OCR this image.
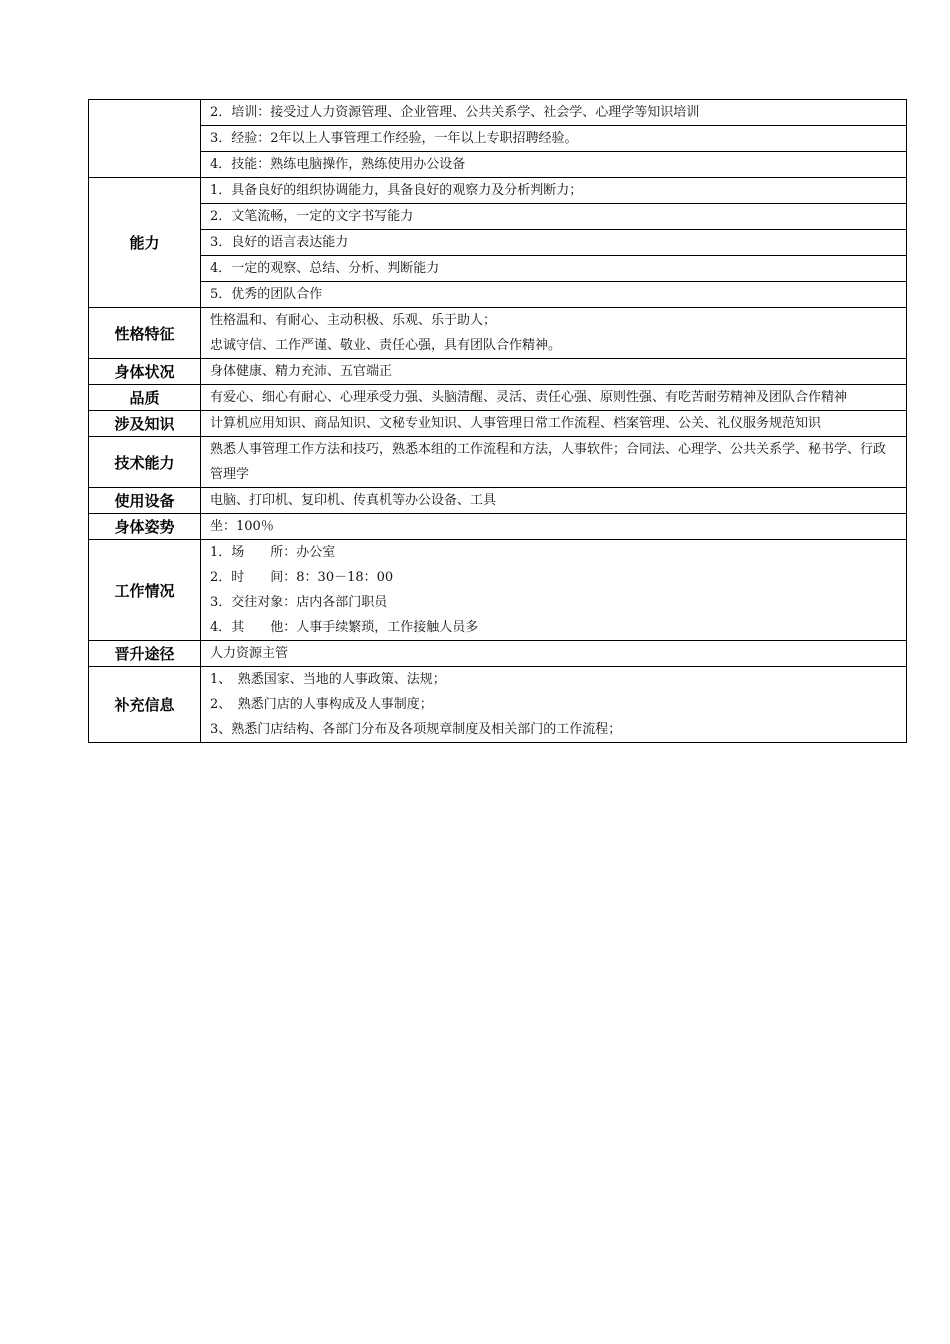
	2．培训：接受过人力资源管理、企业管理、公共关系学、社会学、心理学等知识培训
	3．经验：2年以上人事管理工作经验，一年以上专职招聘经验。
	4．技能：熟练电脑操作，熟练使用办公设备
能力	1．具备良好的组织协调能力，具备良好的观察力及分析判断力；
	2．文笔流畅，一定的文字书写能力
	3．良好的语言表达能力
	4．一定的观察、总结、分析、判断能力
	5．优秀的团队合作
性格特征	性格温和、有耐心、主动积极、乐观、乐于助人；
忠诚守信、工作严谨、敬业、责任心强，具有团队合作精神。

身体状况	身体健康、精力充沛、五官端正
品质	有爱心、细心有耐心、心理承受力强、头脑清醒、灵活、责任心强、原则性强、有吃苦耐劳精神及团队合作精神
涉及知识	计算机应用知识、商品知识、文秘专业知识、人事管理日常工作流程、档案管理、公关、礼仪服务规范知识
技术能力	熟悉人事管理工作方法和技巧，熟悉本组的工作流程和方法，人事软件；合同法、心理学、公共关系学、秘书学、行政管理学
使用设备	电脑、打印机、复印机、传真机等办公设备、工具
身体姿势	坐：100％
工作情况	1．场　　所：办公室
2．时　　间：8：30－18：00
3．交往对象：店内各部门职员
4．其　　他：人事手续繁琐，工作接触人员多

晋升途径	人力资源主管
补充信息	1、　熟悉国家、当地的人事政策、法规；
2、　熟悉门店的人事构成及人事制度；
3、熟悉门店结构、各部门分布及各项规章制度及相关部门的工作流程；
